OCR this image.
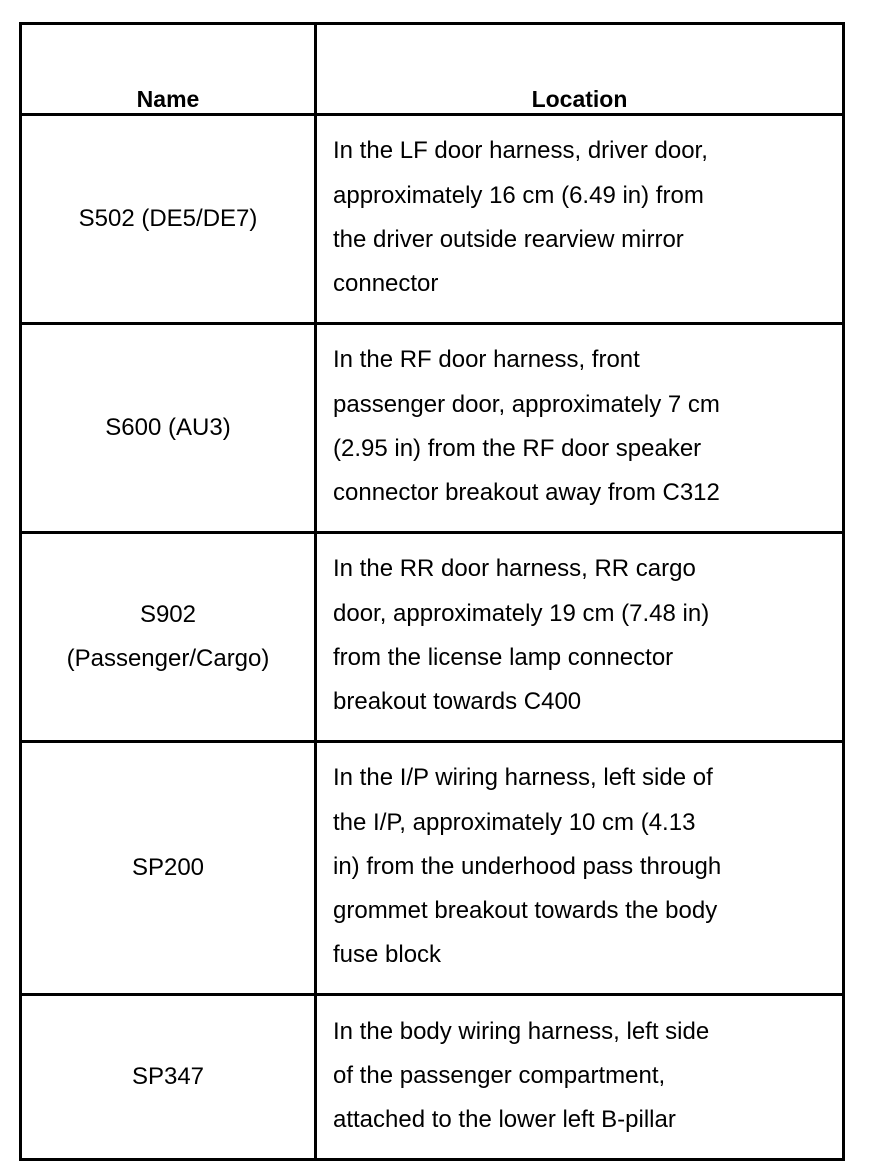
Name	Location
S502 (DE5/DE7)
In the LF door harness, driver door,
approximately 16 cm (6.49 in) from
the driver outside rearview mirror
connector
S600 (AU3)
In the RF door harness, front
passenger door, approximately 7 cm
(2.95 in) from the RF door speaker
connector breakout away from C312
S902
(Passenger/Cargo)
In the RR door harness, RR cargo
door, approximately 19 cm (7.48 in)
from the license lamp connector
breakout towards C400
SP200
In the I/P wiring harness, left side of
the I/P, approximately 10 cm (4.13
in) from the underhood pass through
grommet breakout towards the body
fuse block
SP347
In the body wiring harness, left side
of the passenger compartment,
attached to the lower left B-pillar
